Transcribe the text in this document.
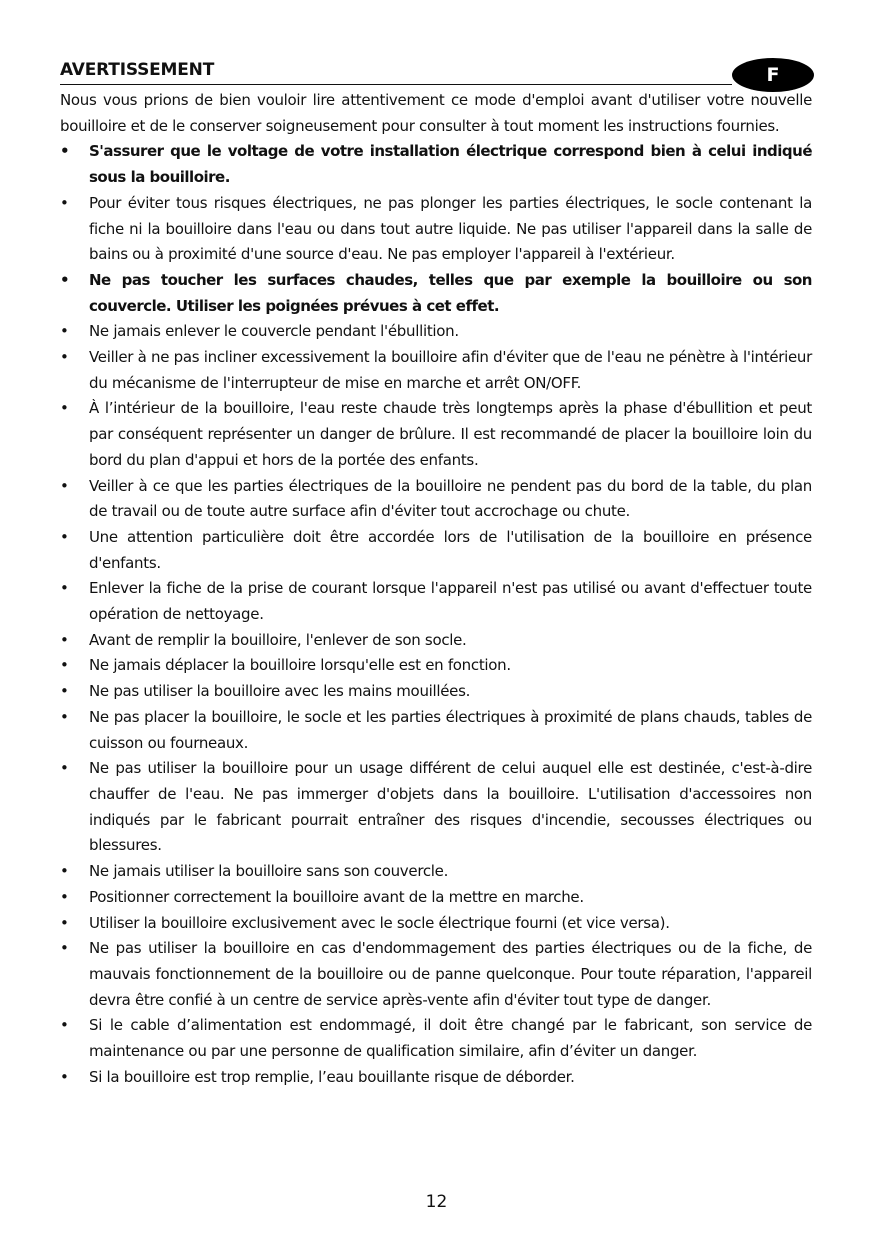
AVERTISSEMENT	F

Nous vous prions de bien vouloir lire attentivement ce mode d'emploi avant d'utiliser votre nouvelle bouilloire et de le conserver soigneusement pour consulter à tout moment les instructions fournies.

• S'assurer que le voltage de votre installation électrique correspond bien à celui indiqué sous la bouilloire.
• Pour éviter tous risques électriques, ne pas plonger les parties électriques, le socle contenant la fiche ni la bouilloire dans l'eau ou dans tout autre liquide. Ne pas utiliser l'appareil dans la salle de bains ou à proximité d'une source d'eau. Ne pas employer l'appareil à l'extérieur.
• Ne pas toucher les surfaces chaudes, telles que par exemple la bouilloire ou son couvercle. Utiliser les poignées prévues à cet effet.
• Ne jamais enlever le couvercle pendant l'ébullition.
• Veiller à ne pas incliner excessivement la bouilloire afin d'éviter que de l'eau ne pénètre à l'intérieur du mécanisme de l'interrupteur de mise en marche et arrêt ON/OFF.
• À l’intérieur de la bouilloire, l'eau reste chaude très longtemps après la phase d'ébullition et peut par conséquent représenter un danger de brûlure. Il est recommandé de placer la bouilloire loin du bord du plan d'appui et hors de la portée des enfants.
• Veiller à ce que les parties électriques de la bouilloire ne pendent pas du bord de la table, du plan de travail ou de toute autre surface afin d'éviter tout accrochage ou chute.
• Une attention particulière doit être accordée lors de l'utilisation de la bouilloire en présence d'enfants.
• Enlever la fiche de la prise de courant lorsque l'appareil n'est pas utilisé ou avant d'effectuer toute opération de nettoyage.
• Avant de remplir la bouilloire, l'enlever de son socle.
• Ne jamais déplacer la bouilloire lorsqu'elle est en fonction.
• Ne pas utiliser la bouilloire avec les mains mouillées.
• Ne pas placer la bouilloire, le socle et les parties électriques à proximité de plans chauds, tables de cuisson ou fourneaux.
• Ne pas utiliser la bouilloire pour un usage différent de celui auquel elle est destinée, c'est-à-dire chauffer de l'eau. Ne pas immerger d'objets dans la bouilloire. L'utilisation d'accessoires non indiqués par le fabricant pourrait entraîner des risques d'incendie, secousses électriques ou blessures.
• Ne jamais utiliser la bouilloire sans son couvercle.
• Positionner correctement la bouilloire avant de la mettre en marche.
• Utiliser la bouilloire exclusivement avec le socle électrique fourni (et vice versa).
• Ne pas utiliser la bouilloire en cas d'endommagement des parties électriques ou de la fiche, de mauvais fonctionnement de la bouilloire ou de panne quelconque. Pour toute réparation, l'appareil devra être confié à un centre de service après-vente afin d'éviter tout type de danger.
• Si le cable d’alimentation est endommagé, il doit être changé par le fabricant, son service de maintenance ou par une personne de qualification similaire, afin d’éviter un danger.
• Si la bouilloire est trop remplie, l’eau bouillante risque de déborder.
12
